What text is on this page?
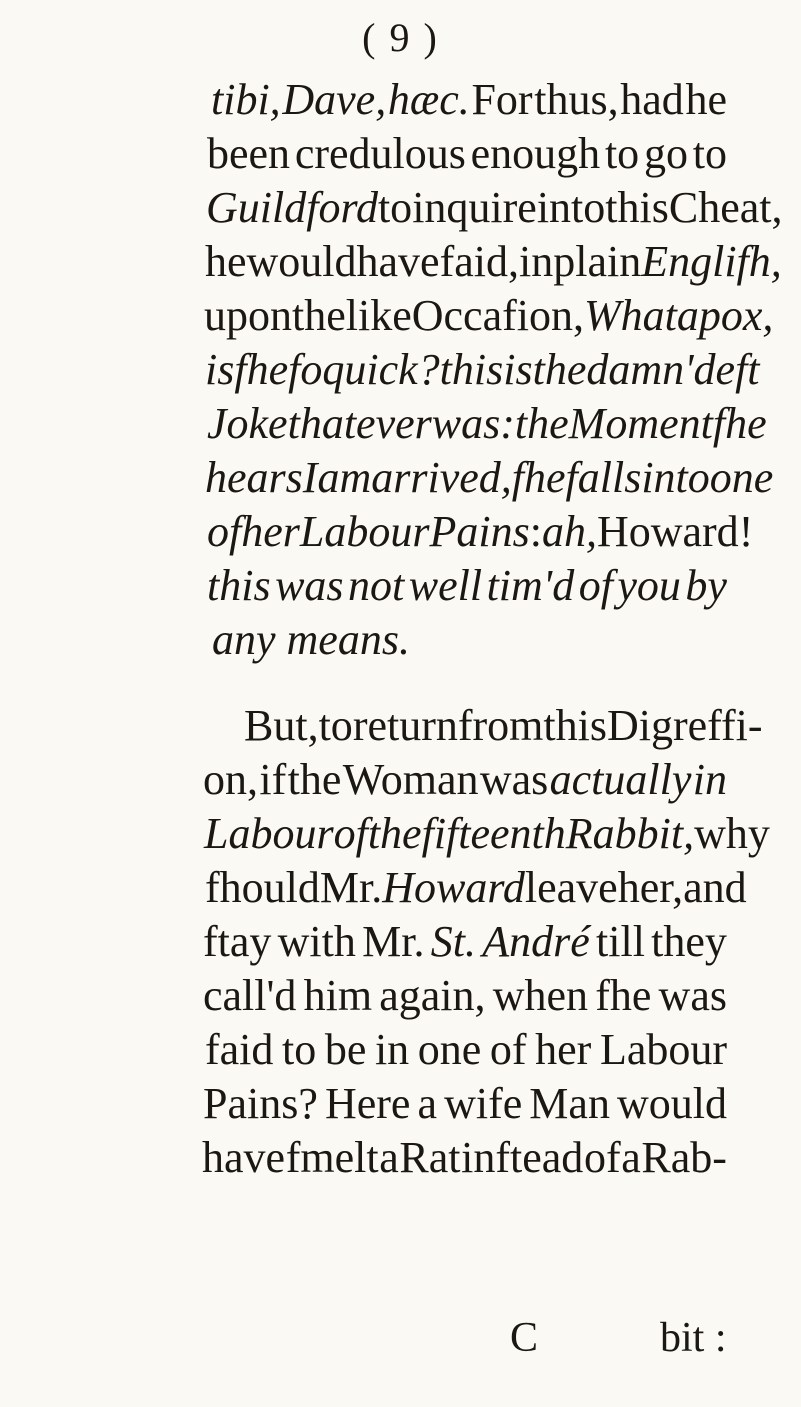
( 9 )
tibi, Dave, hæc. For thus, had he
been credulous enough to go to
Guildford to inquire into this Cheat,
he would have faid, in plain Englifh,
upon the like Occafion, What a pox,
is fhe fo quick ? this is the damn'deft
Joke that ever was : the Moment fhe
hears I am arrived, fhe falls into one
of her Labour Pains : ah, Howard !
this was not well tim'd of you by
any means.
But, to return from this Digreffi-
on, if the Woman was actually in
Labour of the fifteenth Rabbit, why
fhould Mr. Howard leave her, and
ftay with Mr. St. André till they
call'd him again, when fhe was
faid to be in one of her Labour
Pains? Here a wife Man would
have fmelt a Rat inftead of a Rab-
C	bit :
